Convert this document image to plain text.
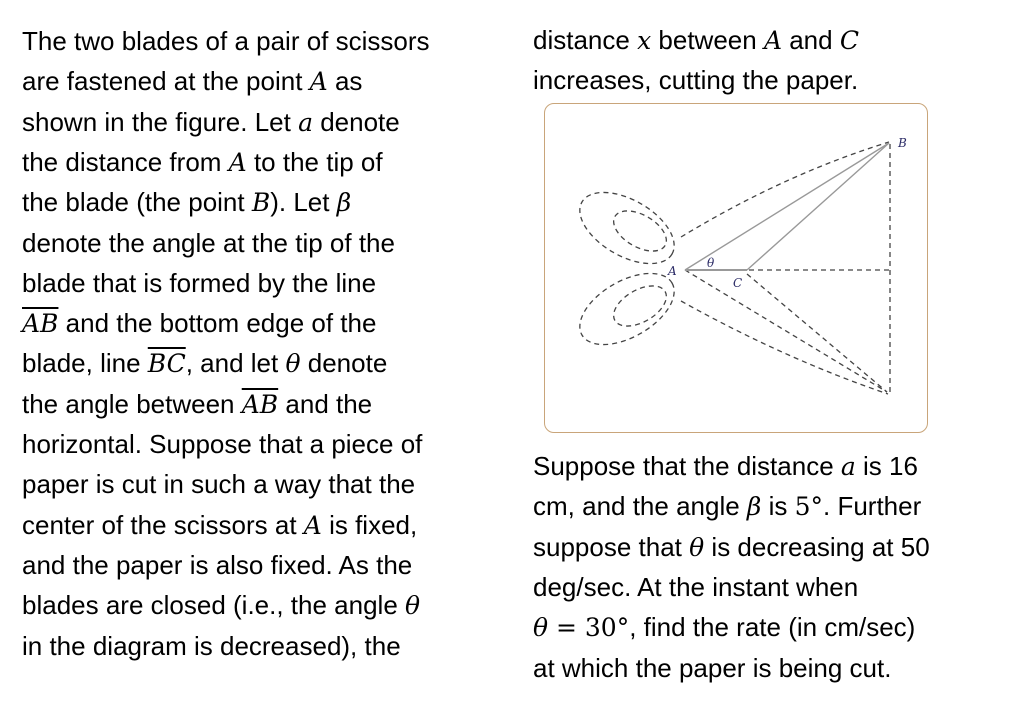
The two blades of a pair of scissors
are fastened at the point A as
shown in the figure. Let a denote
the distance from A to the tip of
the blade (the point B). Let β
denote the angle at the tip of the
blade that is formed by the line
$\overline{AB}$ and the bottom edge of the
blade, line $\overline{BC}$, and let θ denote
the angle between $\overline{AB}$ and the
horizontal. Suppose that a piece of
paper is cut in such a way that the
center of the scissors at A is fixed,
and the paper is also fixed. As the
blades are closed (i.e., the angle θ
in the diagram is decreased), the
distance x between A and C
increases, cutting the paper.
Suppose that the distance a is 16
cm, and the angle β is 5°. Further
suppose that θ is decreasing at 50
deg/sec. At the instant when
θ = 30°, find the rate (in cm/sec)
at which the paper is being cut.
A
B
C
θ
